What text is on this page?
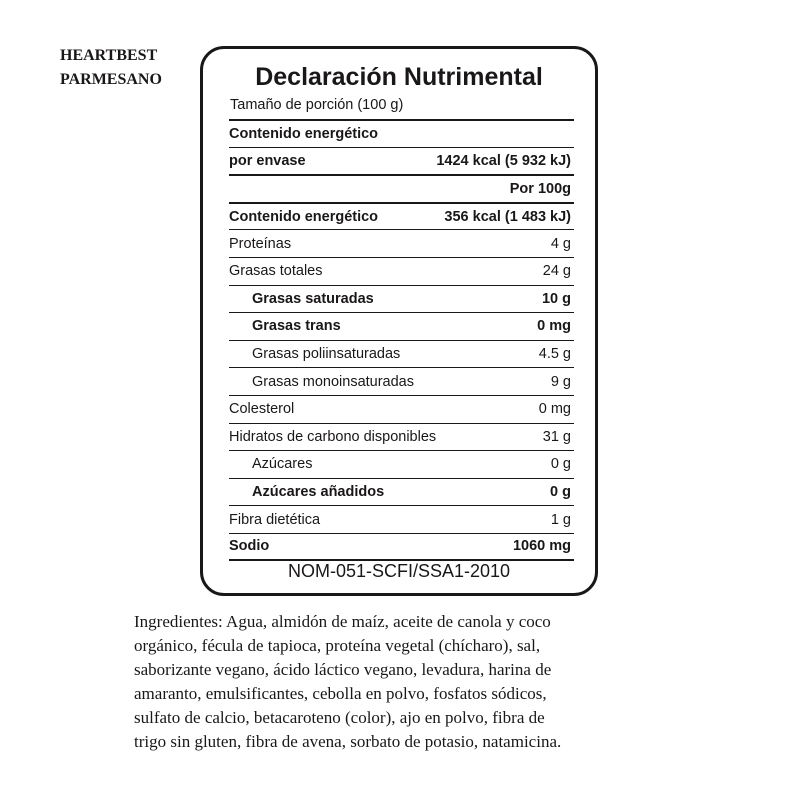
HEARTBEST
PARMESANO	Declaración Nutrimental
Tamaño de porción (100 g)
Contenido energético
por envase	1424 kcal (5 932 kJ)
Por 100g
Contenido energético	356 kcal (1 483 kJ)
Proteínas	4 g
Grasas totales	24 g
Grasas saturadas	10 g
Grasas trans	0 mg
Grasas poliinsaturadas	4.5 g
Grasas monoinsaturadas	9 g
Colesterol	0 mg
Hidratos de carbono disponibles	31 g
Azúcares	0 g
Azúcares añadidos	0 g
Fibra dietética	1 g
Sodio	1060 mg
NOM-051-SCFI/SSA1-2010
Ingredientes: Agua, almidón de maíz, aceite de canola y coco
orgánico, fécula de tapioca, proteína vegetal (chícharo), sal,
saborizante vegano, ácido láctico vegano, levadura, harina de
amaranto, emulsificantes, cebolla en polvo, fosfatos sódicos,
sulfato de calcio, betacaroteno (color), ajo en polvo, fibra de
trigo sin gluten, fibra de avena, sorbato de potasio, natamicina.
